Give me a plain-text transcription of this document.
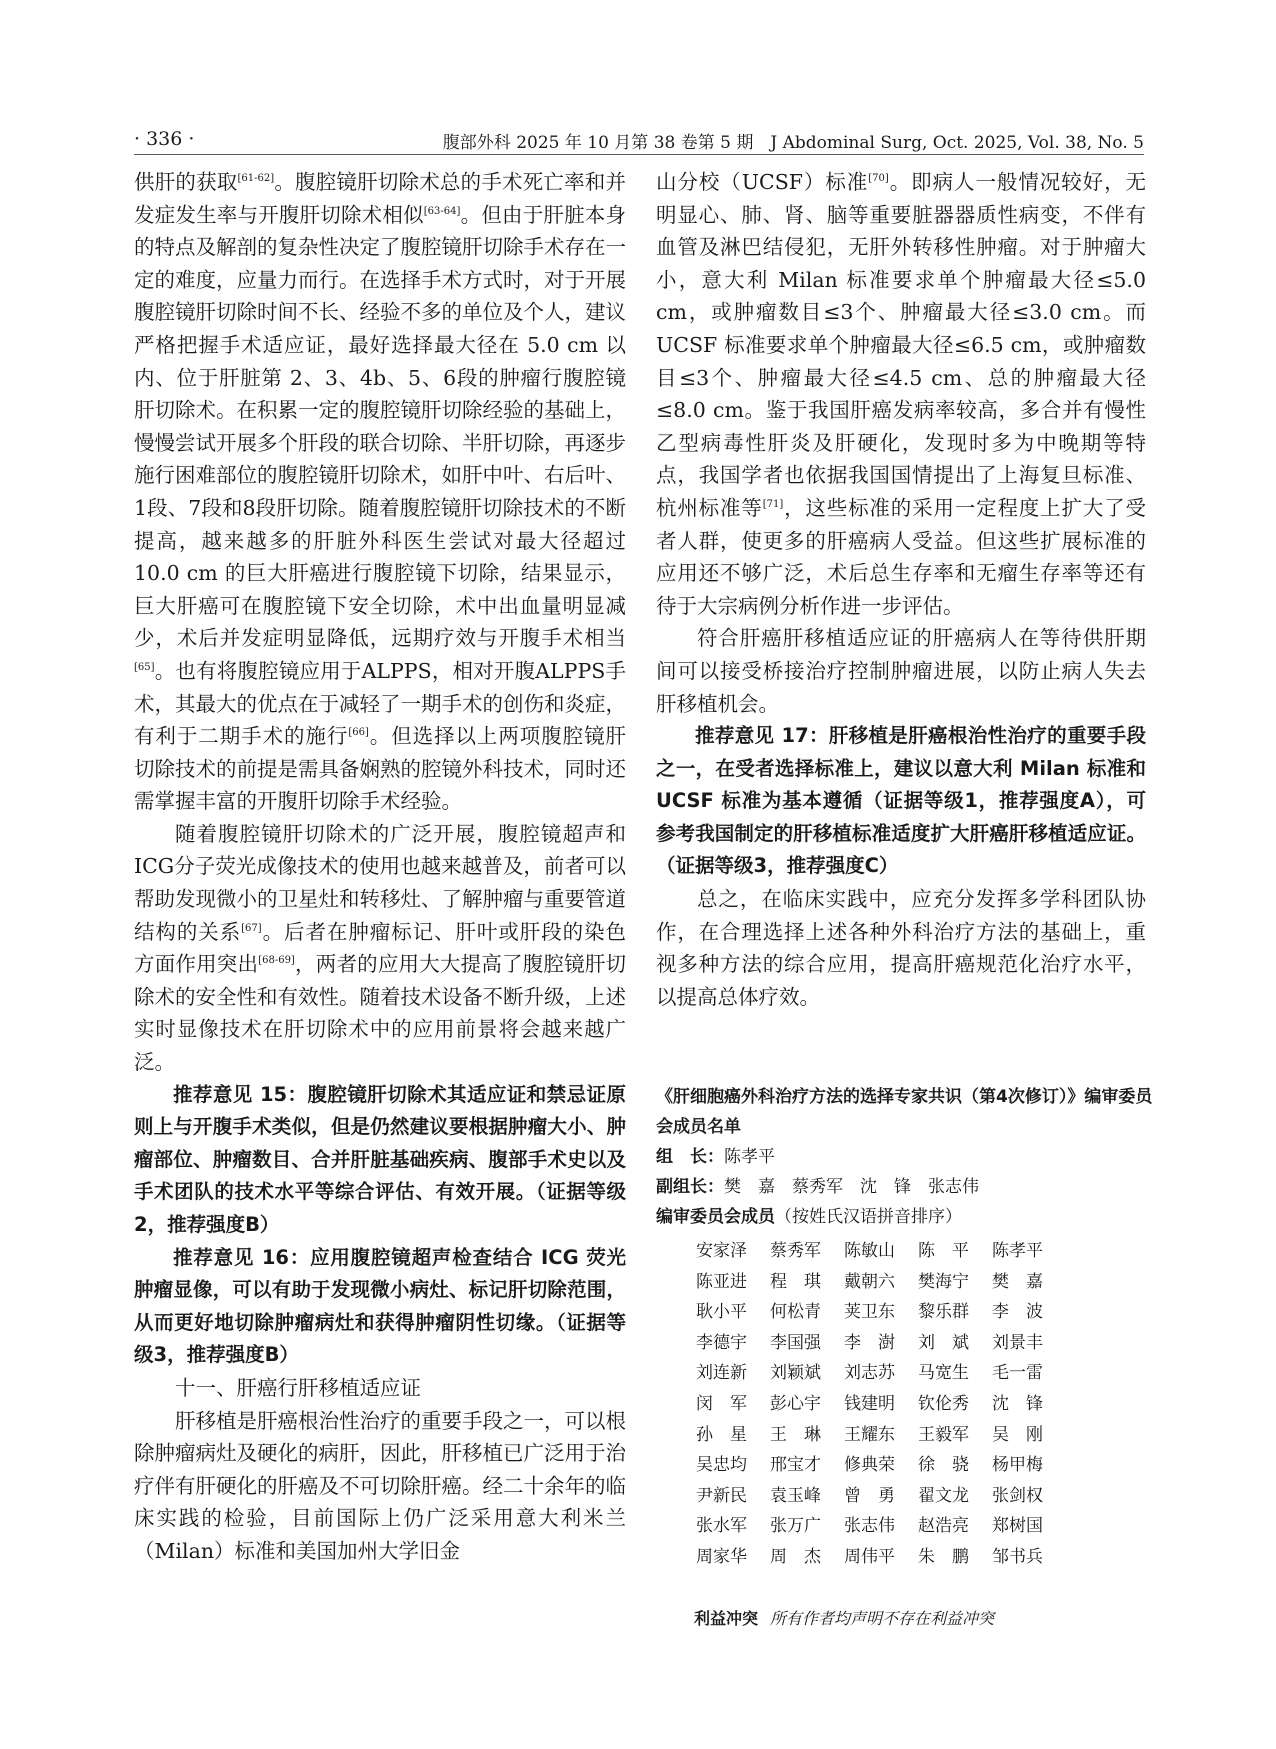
· 336 ·	腹部外科 2025 年 10 月第 38 卷第 5 期　J Abdominal Surg, Oct. 2025, Vol. 38, No. 5

供肝的获取[61-62]。腹腔镜肝切除术总的手术死亡率和并发症发生率与开腹肝切除术相似[63-64]。但由于肝脏本身的特点及解剖的复杂性决定了腹腔镜肝切除手术存在一定的难度，应量力而行。在选择手术方式时，对于开展腹腔镜肝切除时间不长、经验不多的单位及个人，建议严格把握手术适应证，最好选择最大径在 5.0 cm 以内、位于肝脏第 2、3、4b、5、6段的肿瘤行腹腔镜肝切除术。在积累一定的腹腔镜肝切除经验的基础上，慢慢尝试开展多个肝段的联合切除、半肝切除，再逐步施行困难部位的腹腔镜肝切除术，如肝中叶、右后叶、1段、7段和8段肝切除。随着腹腔镜肝切除技术的不断提高，越来越多的肝脏外科医生尝试对最大径超过 10.0 cm 的巨大肝癌进行腹腔镜下切除，结果显示，巨大肝癌可在腹腔镜下安全切除，术中出血量明显减少，术后并发症明显降低，远期疗效与开腹手术相当[65]。也有将腹腔镜应用于ALPPS，相对开腹ALPPS手术，其最大的优点在于减轻了一期手术的创伤和炎症，有利于二期手术的施行[66]。但选择以上两项腹腔镜肝切除技术的前提是需具备娴熟的腔镜外科技术，同时还需掌握丰富的开腹肝切除手术经验。

随着腹腔镜肝切除术的广泛开展，腹腔镜超声和ICG分子荧光成像技术的使用也越来越普及，前者可以帮助发现微小的卫星灶和转移灶、了解肿瘤与重要管道结构的关系[67]。后者在肿瘤标记、肝叶或肝段的染色方面作用突出[68-69]，两者的应用大大提高了腹腔镜肝切除术的安全性和有效性。随着技术设备不断升级，上述实时显像技术在肝切除术中的应用前景将会越来越广泛。

推荐意见 15：腹腔镜肝切除术其适应证和禁忌证原则上与开腹手术类似，但是仍然建议要根据肿瘤大小、肿瘤部位、肿瘤数目、合并肝脏基础疾病、腹部手术史以及手术团队的技术水平等综合评估、有效开展。（证据等级2，推荐强度B）

推荐意见 16：应用腹腔镜超声检查结合 ICG 荧光肿瘤显像，可以有助于发现微小病灶、标记肝切除范围，从而更好地切除肿瘤病灶和获得肿瘤阴性切缘。（证据等级3，推荐强度B）

十一、肝癌行肝移植适应证

肝移植是肝癌根治性治疗的重要手段之一，可以根除肿瘤病灶及硬化的病肝，因此，肝移植已广泛用于治疗伴有肝硬化的肝癌及不可切除肝癌。经二十余年的临床实践的检验，目前国际上仍广泛采用意大利米兰（Milan）标准和美国加州大学旧金

山分校（UCSF）标准[70]。即病人一般情况较好，无明显心、肺、肾、脑等重要脏器器质性病变，不伴有血管及淋巴结侵犯，无肝外转移性肿瘤。对于肿瘤大小，意大利 Milan 标准要求单个肿瘤最大径≤5.0 cm，或肿瘤数目≤3个、肿瘤最大径≤3.0 cm。而 UCSF 标准要求单个肿瘤最大径≤6.5 cm，或肿瘤数目≤3个、肿瘤最大径≤4.5 cm、总的肿瘤最大径≤8.0 cm。鉴于我国肝癌发病率较高，多合并有慢性乙型病毒性肝炎及肝硬化，发现时多为中晚期等特点，我国学者也依据我国国情提出了上海复旦标准、杭州标准等[71]，这些标准的采用一定程度上扩大了受者人群，使更多的肝癌病人受益。但这些扩展标准的应用还不够广泛，术后总生存率和无瘤生存率等还有待于大宗病例分析作进一步评估。

符合肝癌肝移植适应证的肝癌病人在等待供肝期间可以接受桥接治疗控制肿瘤进展，以防止病人失去肝移植机会。

推荐意见 17：肝移植是肝癌根治性治疗的重要手段之一，在受者选择标准上，建议以意大利 Milan 标准和 UCSF 标准为基本遵循（证据等级1，推荐强度A），可参考我国制定的肝移植标准适度扩大肝癌肝移植适应证。（证据等级3，推荐强度C）

总之，在临床实践中，应充分发挥多学科团队协作，在合理选择上述各种外科治疗方法的基础上，重视多种方法的综合应用，提高肝癌规范化治疗水平，以提高总体疗效。

《肝细胞癌外科治疗方法的选择专家共识（第4次修订）》编审委员会成员名单

组　长：陈孝平

副组长：樊　嘉　蔡秀军　沈　锋　张志伟

编审委员会成员（按姓氏汉语拼音排序）

安家泽	蔡秀军	陈敏山	陈　平	陈孝平
陈亚进	程　琪	戴朝六	樊海宁	樊　嘉
耿小平	何松青	荚卫东	黎乐群	李　波
李德宇	李国强	李　澍	刘　斌	刘景丰
刘连新	刘颖斌	刘志苏	马宽生	毛一雷
闵　军	彭心宇	钱建明	钦伦秀	沈　锋
孙　星	王　琳	王耀东	王毅军	吴　刚
吴忠均	邢宝才	修典荣	徐　骁	杨甲梅
尹新民	袁玉峰	曾　勇	翟文龙	张剑权
张水军	张万广	张志伟	赵浩亮	郑树国
周家华	周　杰	周伟平	朱　鹏	邹书兵
利益冲突 所有作者均声明不存在利益冲突
